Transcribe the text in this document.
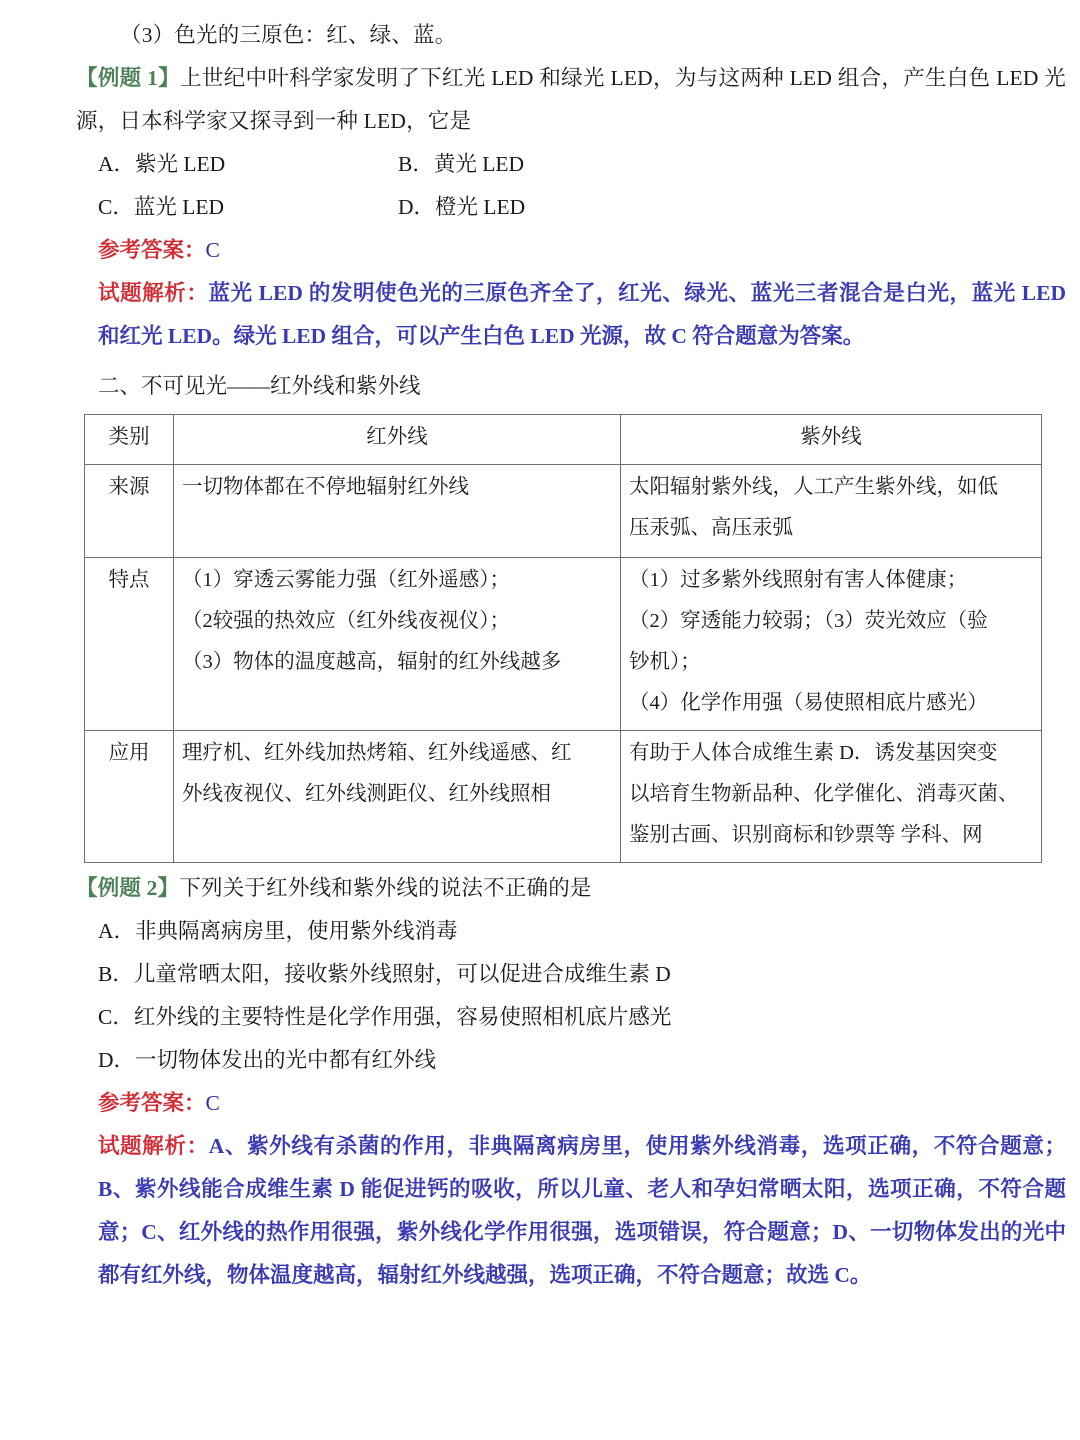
（3）色光的三原色：红、绿、蓝。

【例题 1】上世纪中叶科学家发明了下红光 LED 和绿光 LED，为与这两种 LED 组合，产生白色 LED 光源，日本科学家又探寻到一种 LED，它是

A．紫光 LED	B．黄光 LED
C．蓝光 LED	D．橙光 LED
参考答案：C
试题解析：蓝光 LED 的发明使色光的三原色齐全了，红光、绿光、蓝光三者混合是白光，蓝光 LED 和红光 LED。绿光 LED 组合，可以产生白色 LED 光源，故 C 符合题意为答案。
二、不可见光——红外线和紫外线
类别	红外线	紫外线
来源	一切物体都在不停地辐射红外线	太阳辐射紫外线，人工产生紫外线，如低
压汞弧、高压汞弧

特点	（1）穿透云雾能力强（红外遥感）；
（2较强的热效应（红外线夜视仪）；
（3）物体的温度越高，辐射的红外线越多	（1）过多紫外线照射有害人体健康；
（2）穿透能力较弱；（3）荧光效应（验
钞机）；
（4）化学作用强（易使照相底片感光）

应用	理疗机、红外线加热烤箱、红外线遥感、红
外线夜视仪、红外线测距仪、红外线照相	有助于人体合成维生素 D．诱发基因突变
以培育生物新品种、化学催化、消毒灭菌、
鉴别古画、识别商标和钞票等 学科、网

【例题 2】下列关于红外线和紫外线的说法不正确的是

A．非典隔离病房里，使用紫外线消毒
B．儿童常晒太阳，接收紫外线照射，可以促进合成维生素 D
C．红外线的主要特性是化学作用强，容易使照相机底片感光
D．一切物体发出的光中都有红外线
参考答案：C
试题解析：A、紫外线有杀菌的作用，非典隔离病房里，使用紫外线消毒，选项正确，不符合题意；B、紫外线能合成维生素 D 能促进钙的吸收，所以儿童、老人和孕妇常晒太阳，选项正确，不符合题意；C、红外线的热作用很强，紫外线化学作用很强，选项错误，符合题意；D、一切物体发出的光中都有红外线，物体温度越高，辐射红外线越强，选项正确，不符合题意；故选 C。
